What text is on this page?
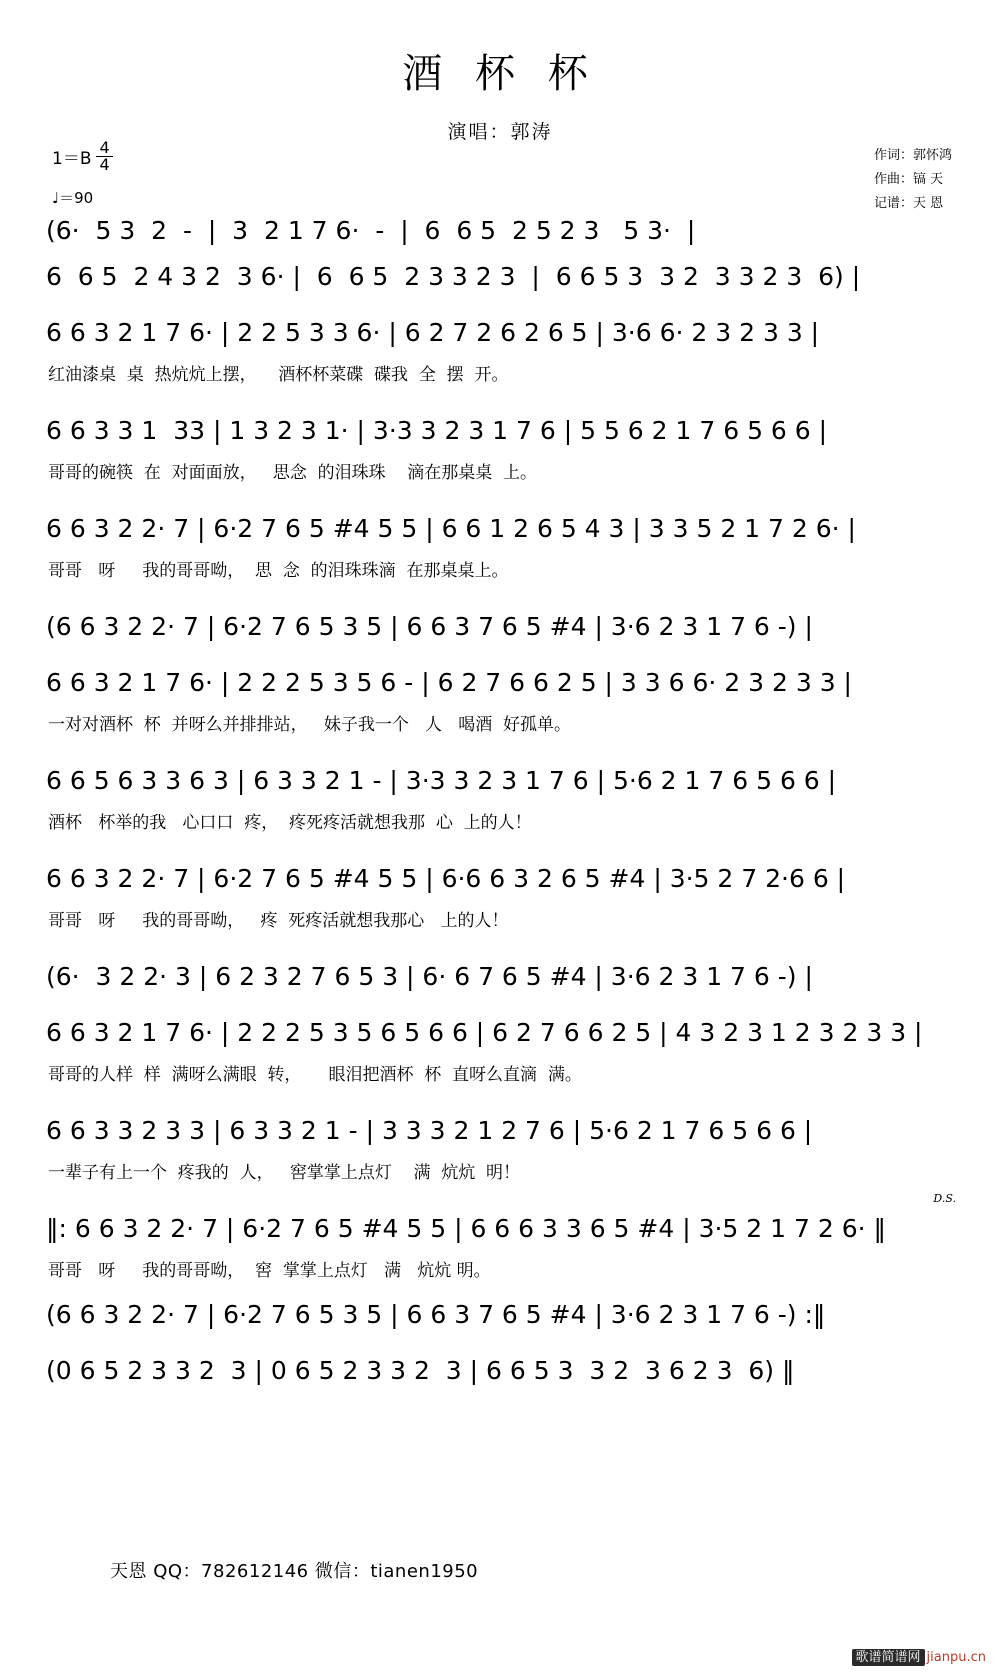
酒 杯 杯
演唱：郭涛
$1=B \frac{4}{4}$
♩＝90
作词：郭怀鸿
作曲：镐 天
记谱：天 恩
(6·  5 3  2  -  |  3  2 1 7 6·  -  |  6  6 5  2 5 2 3   5 3·  |
6  6 5  2 4 3 2  3 6· |  6  6 5  2 3 3 2 3  |  6 6 5 3  3 2  3 3 2 3  6) |
6 6 3 2 1 7 6· | 2 2 5 3 3 6· | 6 2 7 2 6 2 6 5 | 3·6 6· 2 3 2 3 3 |
红油漆桌  桌  热炕炕上摆，    酒杯杯菜碟  碟我  全  摆  开。
6 6 3 3 1  33 | 1 3 2 3 1· | 3·3 3 2 3 1 7 6 | 5 5 6 2 1 7 6 5 6 6 |
哥哥的碗筷  在  对面面放，   思念  的泪珠珠    滴在那桌桌  上。
6 6 3 2 2· 7 | 6·2 7 6 5 #4 5 5 | 6 6 1 2 6 5 4 3 | 3 3 5 2 1 7 2 6· |
哥哥   呀     我的哥哥呦，  思  念  的泪珠珠滴  在那桌桌上。
(6 6 3 2 2· 7 | 6·2 7 6 5 3 5 | 6 6 3 7 6 5 #4 | 3·6 2 3 1 7 6 -) |
6 6 3 2 1 7 6· | 2 2 2 5 3 5 6 - | 6 2 7 6 6 2 5 | 3 3 6 6· 2 3 2 3 3 |
一对对酒杯  杯  并呀么并排排站，   妹子我一个   人   喝酒  好孤单。
6 6 5 6 3 3 6 3 | 6 3 3 2 1 - | 3·3 3 2 3 1 7 6 | 5·6 2 1 7 6 5 6 6 |
酒杯   杯举的我   心口口  疼，  疼死疼活就想我那  心  上的人！
6 6 3 2 2· 7 | 6·2 7 6 5 #4 5 5 | 6·6 6 3 2 6 5 #4 | 3·5 2 7 2·6 6 |
哥哥   呀     我的哥哥呦，   疼  死疼活就想我那心   上的人！
(6·  3 2 2· 3 | 6 2 3 2 7 6 5 3 | 6· 6 7 6 5 #4 | 3·6 2 3 1 7 6 -) |
6 6 3 2 1 7 6· | 2 2 2 5 3 5 6 5 6 6 | 6 2 7 6 6 2 5 | 4 3 2 3 1 2 3 2 3 3 |
哥哥的人样  样  满呀么满眼  转，     眼泪把酒杯  杯  直呀么直滴  满。
6 6 3 3 2 3 3 | 6 3 3 2 1 - | 3 3 3 2 1 2 7 6 | 5·6 2 1 7 6 5 6 6 |
一辈子有上一个  疼我的  人，   窖掌掌上点灯    满  炕炕  明！
‖: 6 6 3 2 2· 7 | 6·2 7 6 5 #4 5 5 | 6 6 6 3 3 6 5 #4 | 3·5 2 1 7 2 6· ‖
D.S.
哥哥   呀     我的哥哥呦，  窖  掌掌上点灯   满   炕炕 明。
(6 6 3 2 2· 7 | 6·2 7 6 5 3 5 | 6 6 3 7 6 5 #4 | 3·6 2 3 1 7 6 -) :‖
(0 6 5 2 3 3 2  3 | 0 6 5 2 3 3 2  3 | 6 6 5 3  3 2  3 6 2 3  6) ‖
天恩 QQ：782612146 微信：tianen1950
歌谱简谱网 jianpu.cn
